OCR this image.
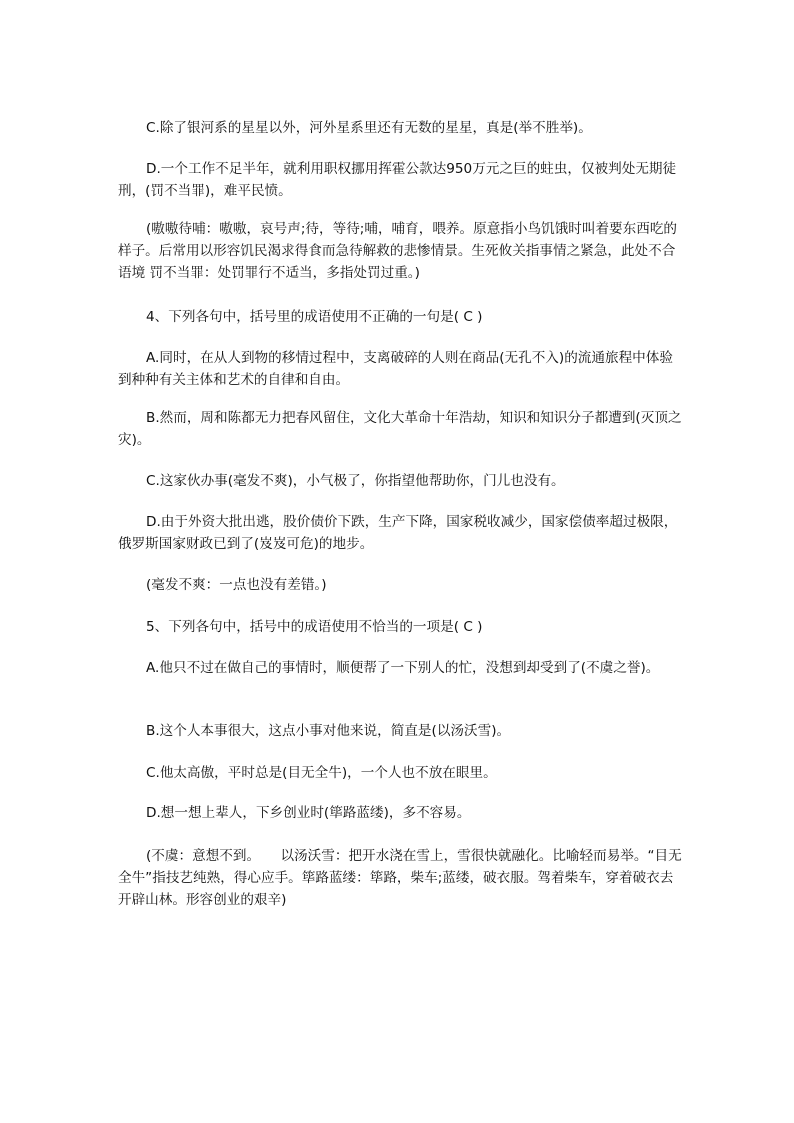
C.除了银河系的星星以外，河外星系里还有无数的星星，真是(举不胜举)。
D.一个工作不足半年，就利用职权挪用挥霍公款达950万元之巨的蛀虫，仅被判处无期徒刑，(罚不当罪)，难平民愤。
(嗷嗷待哺：嗷嗷，哀号声;待，等待;哺，哺育，喂养。原意指小鸟饥饿时叫着要东西吃的样子。后常用以形容饥民渴求得食而急待解救的悲惨情景。生死攸关指事情之紧急，此处不合语境 罚不当罪：处罚罪行不适当，多指处罚过重。)
4、下列各句中，括号里的成语使用不正确的一句是( C )
A.同时，在从人到物的移情过程中，支离破碎的人则在商品(无孔不入)的流通旅程中体验到种种有关主体和艺术的自律和自由。
B.然而，周和陈都无力把春风留住，文化大革命十年浩劫，知识和知识分子都遭到(灭顶之灾)。
C.这家伙办事(毫发不爽)，小气极了，你指望他帮助你，门儿也没有。
D.由于外资大批出逃，股价债价下跌，生产下降，国家税收减少，国家偿债率超过极限，俄罗斯国家财政已到了(岌岌可危)的地步。
(毫发不爽：一点也没有差错。)
5、下列各句中，括号中的成语使用不恰当的一项是( C )
A.他只不过在做自己的事情时，顺便帮了一下别人的忙，没想到却受到了(不虞之誉)。
B.这个人本事很大，这点小事对他来说，简直是(以汤沃雪)。
C.他太高傲，平时总是(目无全牛)，一个人也不放在眼里。
D.想一想上辈人，下乡创业时(筚路蓝缕)，多不容易。
(不虞：意想不到。　　以汤沃雪：把开水浇在雪上，雪很快就融化。比喻轻而易举。“目无全牛”指技艺纯熟，得心应手。筚路蓝缕：筚路，柴车;蓝缕，破衣服。驾着柴车，穿着破衣去开辟山林。形容创业的艰辛)
